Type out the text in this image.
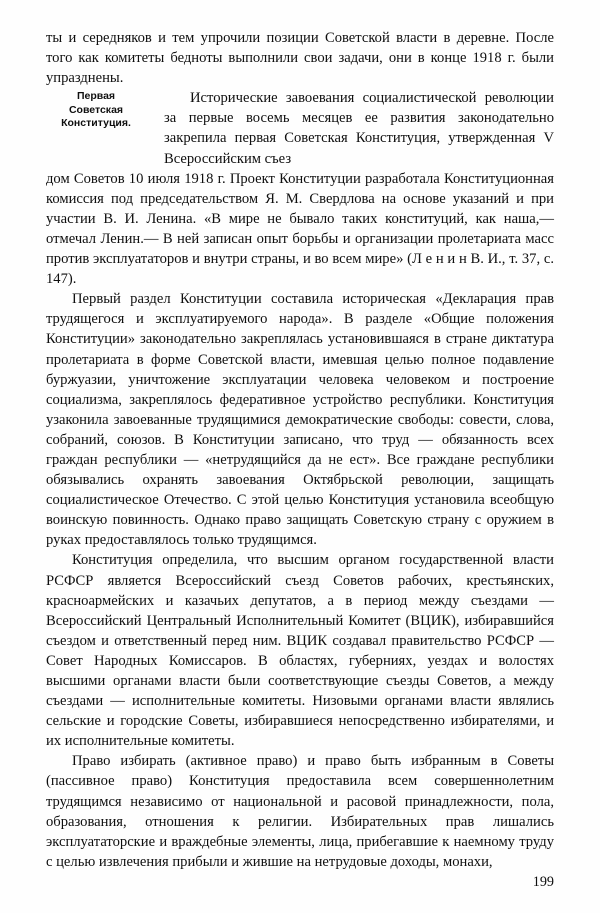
ты и середняков и тем упрочили позиции Советской власти в деревне. После того как комитеты бедноты выполнили свои задачи, они в конце 1918 г. были упразднены.

Первая
Советская
Конституция.

Исторические завоевания социалистической революции за первые восемь месяцев ее развития законодательно закрепила первая Советская Конституция, утвержденная V Всероссийским съез

дом Советов 10 июля 1918 г. Проект Конституции разработала Конституционная комиссия под председательством Я. М. Свердлова на основе указаний и при участии В. И. Ленина. «В мире не бывало таких конституций, как наша,— отмечал Ленин.— В ней записан опыт борьбы и организации пролетариата масс против эксплуататоров и внутри страны, и во всем мире» (Л е н и н В. И., т. 37, с. 147).

Первый раздел Конституции составила историческая «Декларация прав трудящегося и эксплуатируемого народа». В разделе «Общие положения Конституции» законодательно закреплялась установившаяся в стране диктатура пролетариата в форме Советской власти, имевшая целью полное подавление буржуазии, уничтожение эксплуатации человека человеком и построение социализма, закреплялось федеративное устройство республики. Конституция узаконила завоеванные трудящимися демократические свободы: совести, слова, собраний, союзов. В Конституции записано, что труд — обязанность всех граждан республики — «нетрудящийся да не ест». Все граждане республики обязывались охранять завоевания Октябрьской революции, защищать социалистическое Отечество. С этой целью Конституция установила всеобщую воинскую повинность. Однако право защищать Советскую страну с оружием в руках предоставлялось только трудящимся.

Конституция определила, что высшим органом государственной власти РСФСР является Всероссийский съезд Советов рабочих, крестьянских, красноармейских и казачьих депутатов, а в период между съездами — Всероссийский Центральный Исполнительный Комитет (ВЦИК), избиравшийся съездом и ответственный перед ним. ВЦИК создавал правительство РСФСР — Совет Народных Комиссаров. В областях, губерниях, уездах и волостях высшими органами власти были соответствующие съезды Советов, а между съездами — исполнительные комитеты. Низовыми органами власти являлись сельские и городские Советы, избиравшиеся непосредственно избирателями, и их исполнительные комитеты.

Право избирать (активное право) и право быть избранным в Советы (пассивное право) Конституция предоставила всем совершеннолетним трудящимся независимо от национальной и расовой принадлежности, пола, образования, отношения к религии. Избирательных прав лишались эксплуататорские и враждебные элементы, лица, прибегавшие к наемному труду с целью извлечения прибыли и жившие на нетрудовые доходы, монахи,

199
